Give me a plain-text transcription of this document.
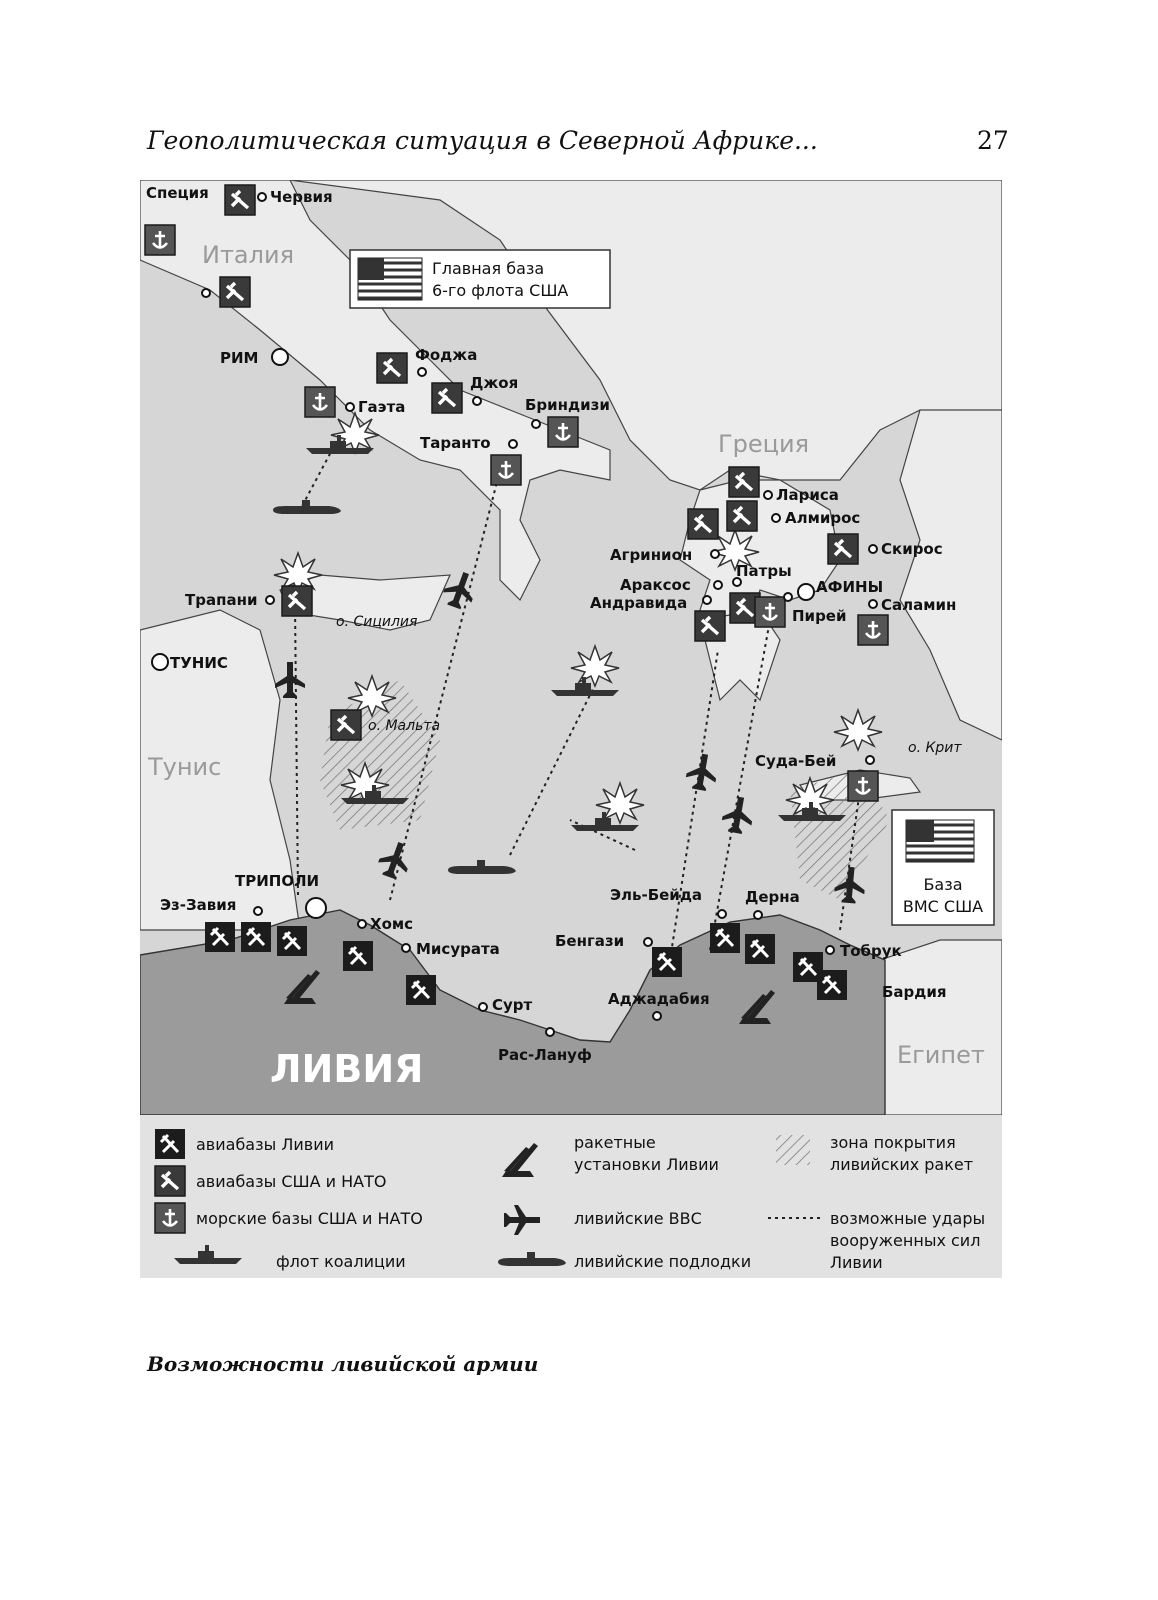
Геополитическая ситуация в Северной Африке...	27
Италия
Греция
Тунис
ЛИВИЯ	Египет
о. Сицилия
о. Мальта
о. Крит
Специя	Червия
РИМ	Фоджа
Джоя
Гаэта	Бриндизи
Таранто
Трапани
ТУНИС
Лариса
Алмирос
Агринион	Скирос
Араксос
Патры
АФИНЫ
Андравида	Саламин
Пирей
Суда-Бей
ТРИПОЛИ
Эз-Завия
Хомс
Мисурата
Сурт
Рас-Лануф
Бенгази
Аджадабия
Эль-Бейда	Дерна
Тобрук
Бардия
Главная база
6-го флота США
База
ВМС США
авиабазы Ливии
авиабазы США и НАТО
морские базы США и НАТО
флот коалиции
ракетные
установки Ливии
ливийские ВВС
ливийские подлодки
зона покрытия
ливийских ракет
возможные удары
вооруженных сил
Ливии
Возможности ливийской армии
